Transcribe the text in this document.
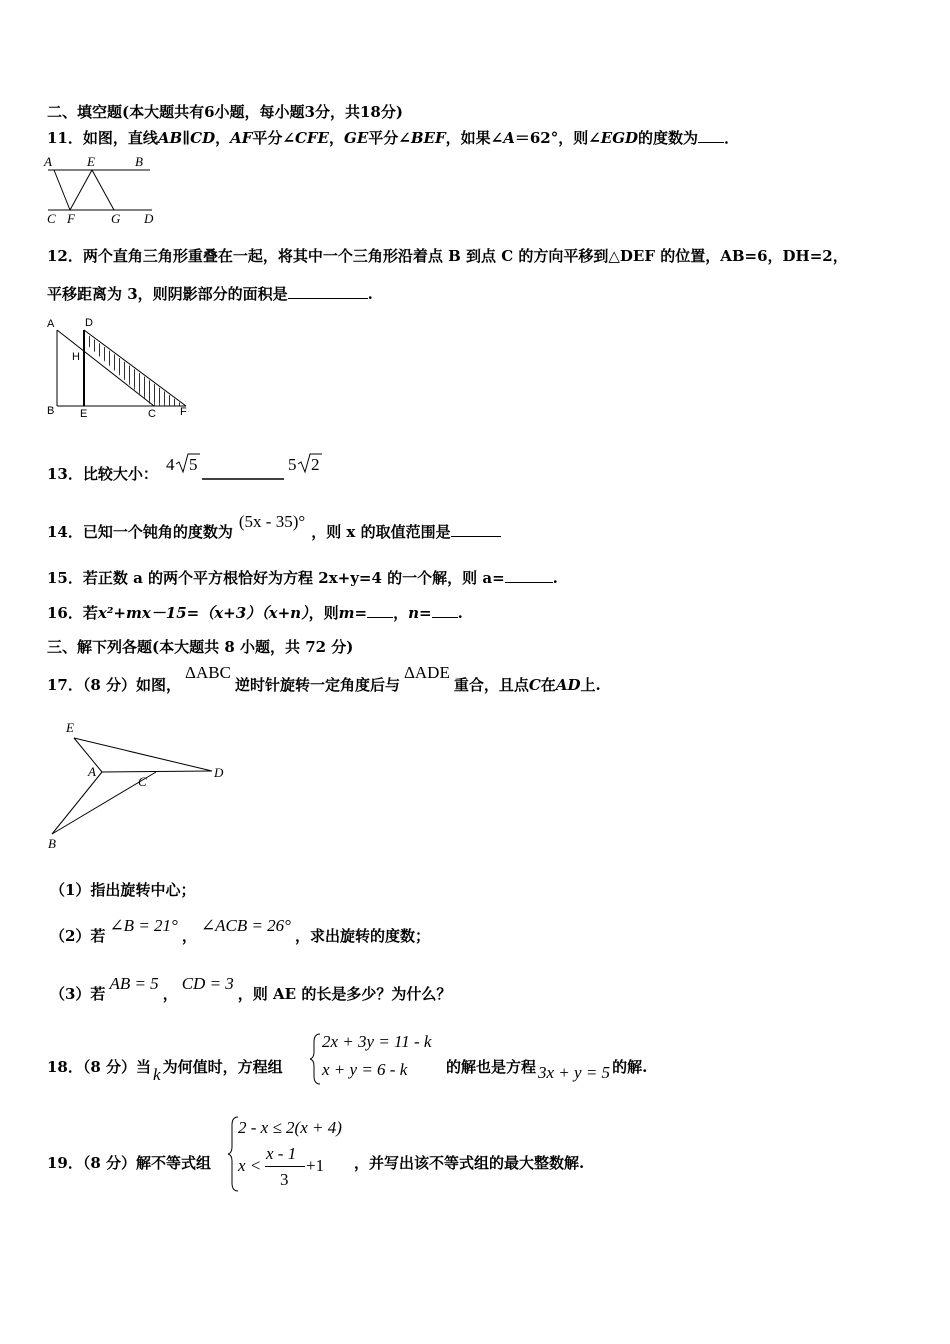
二、填空题(本大题共有6小题，每小题3分，共18分)
11．如图，直线AB∥CD，AF平分∠CFE，GE平分∠BEF，如果∠A＝62°，则∠EGD的度数为 ．
A	E	B
C F	G D
12．两个直角三角形重叠在一起，将其中一个三角形沿着点 B 到点 C 的方向平移到△DEF 的位置，AB=6，DH=2，
平移距离为 3，则阴影部分的面积是	.
A	D
H
B E	C F
13．比较大小： 4 5	5 2
14．已知一个钝角的度数为(5x - 35)°，则 x 的取值范围是
15．若正数 a 的两个平方根恰好为方程 2x+y=4 的一个解，则 a=	.
16．若x²+mx－15=（x+3）（x+n），则m= ，n= .
三、解下列各题(本大题共 8 小题，共 72 分)
17．（8 分）如图，ΔABC逆时针旋转一定角度后与ΔADE重合，且点C在AD上.
E
A
C
D
B
（1）指出旋转中心；
（2）若∠B = 21°，∠ACB = 26°，求出旋转的度数；
（3）若AB = 5，CD = 3，则 AE 的长是多少？为什么？
18．（8 分）当 k 为何值时，方程组
2x + 3y = 11 - k
x + y = 6 - k	的解也是方程 3x + y = 5 的解.
19．（8 分）解不等式组
2 - x ≤ 2(x + 4)
x <
x - 1
3
+1 ，并写出该不等式组的最大整数解.
